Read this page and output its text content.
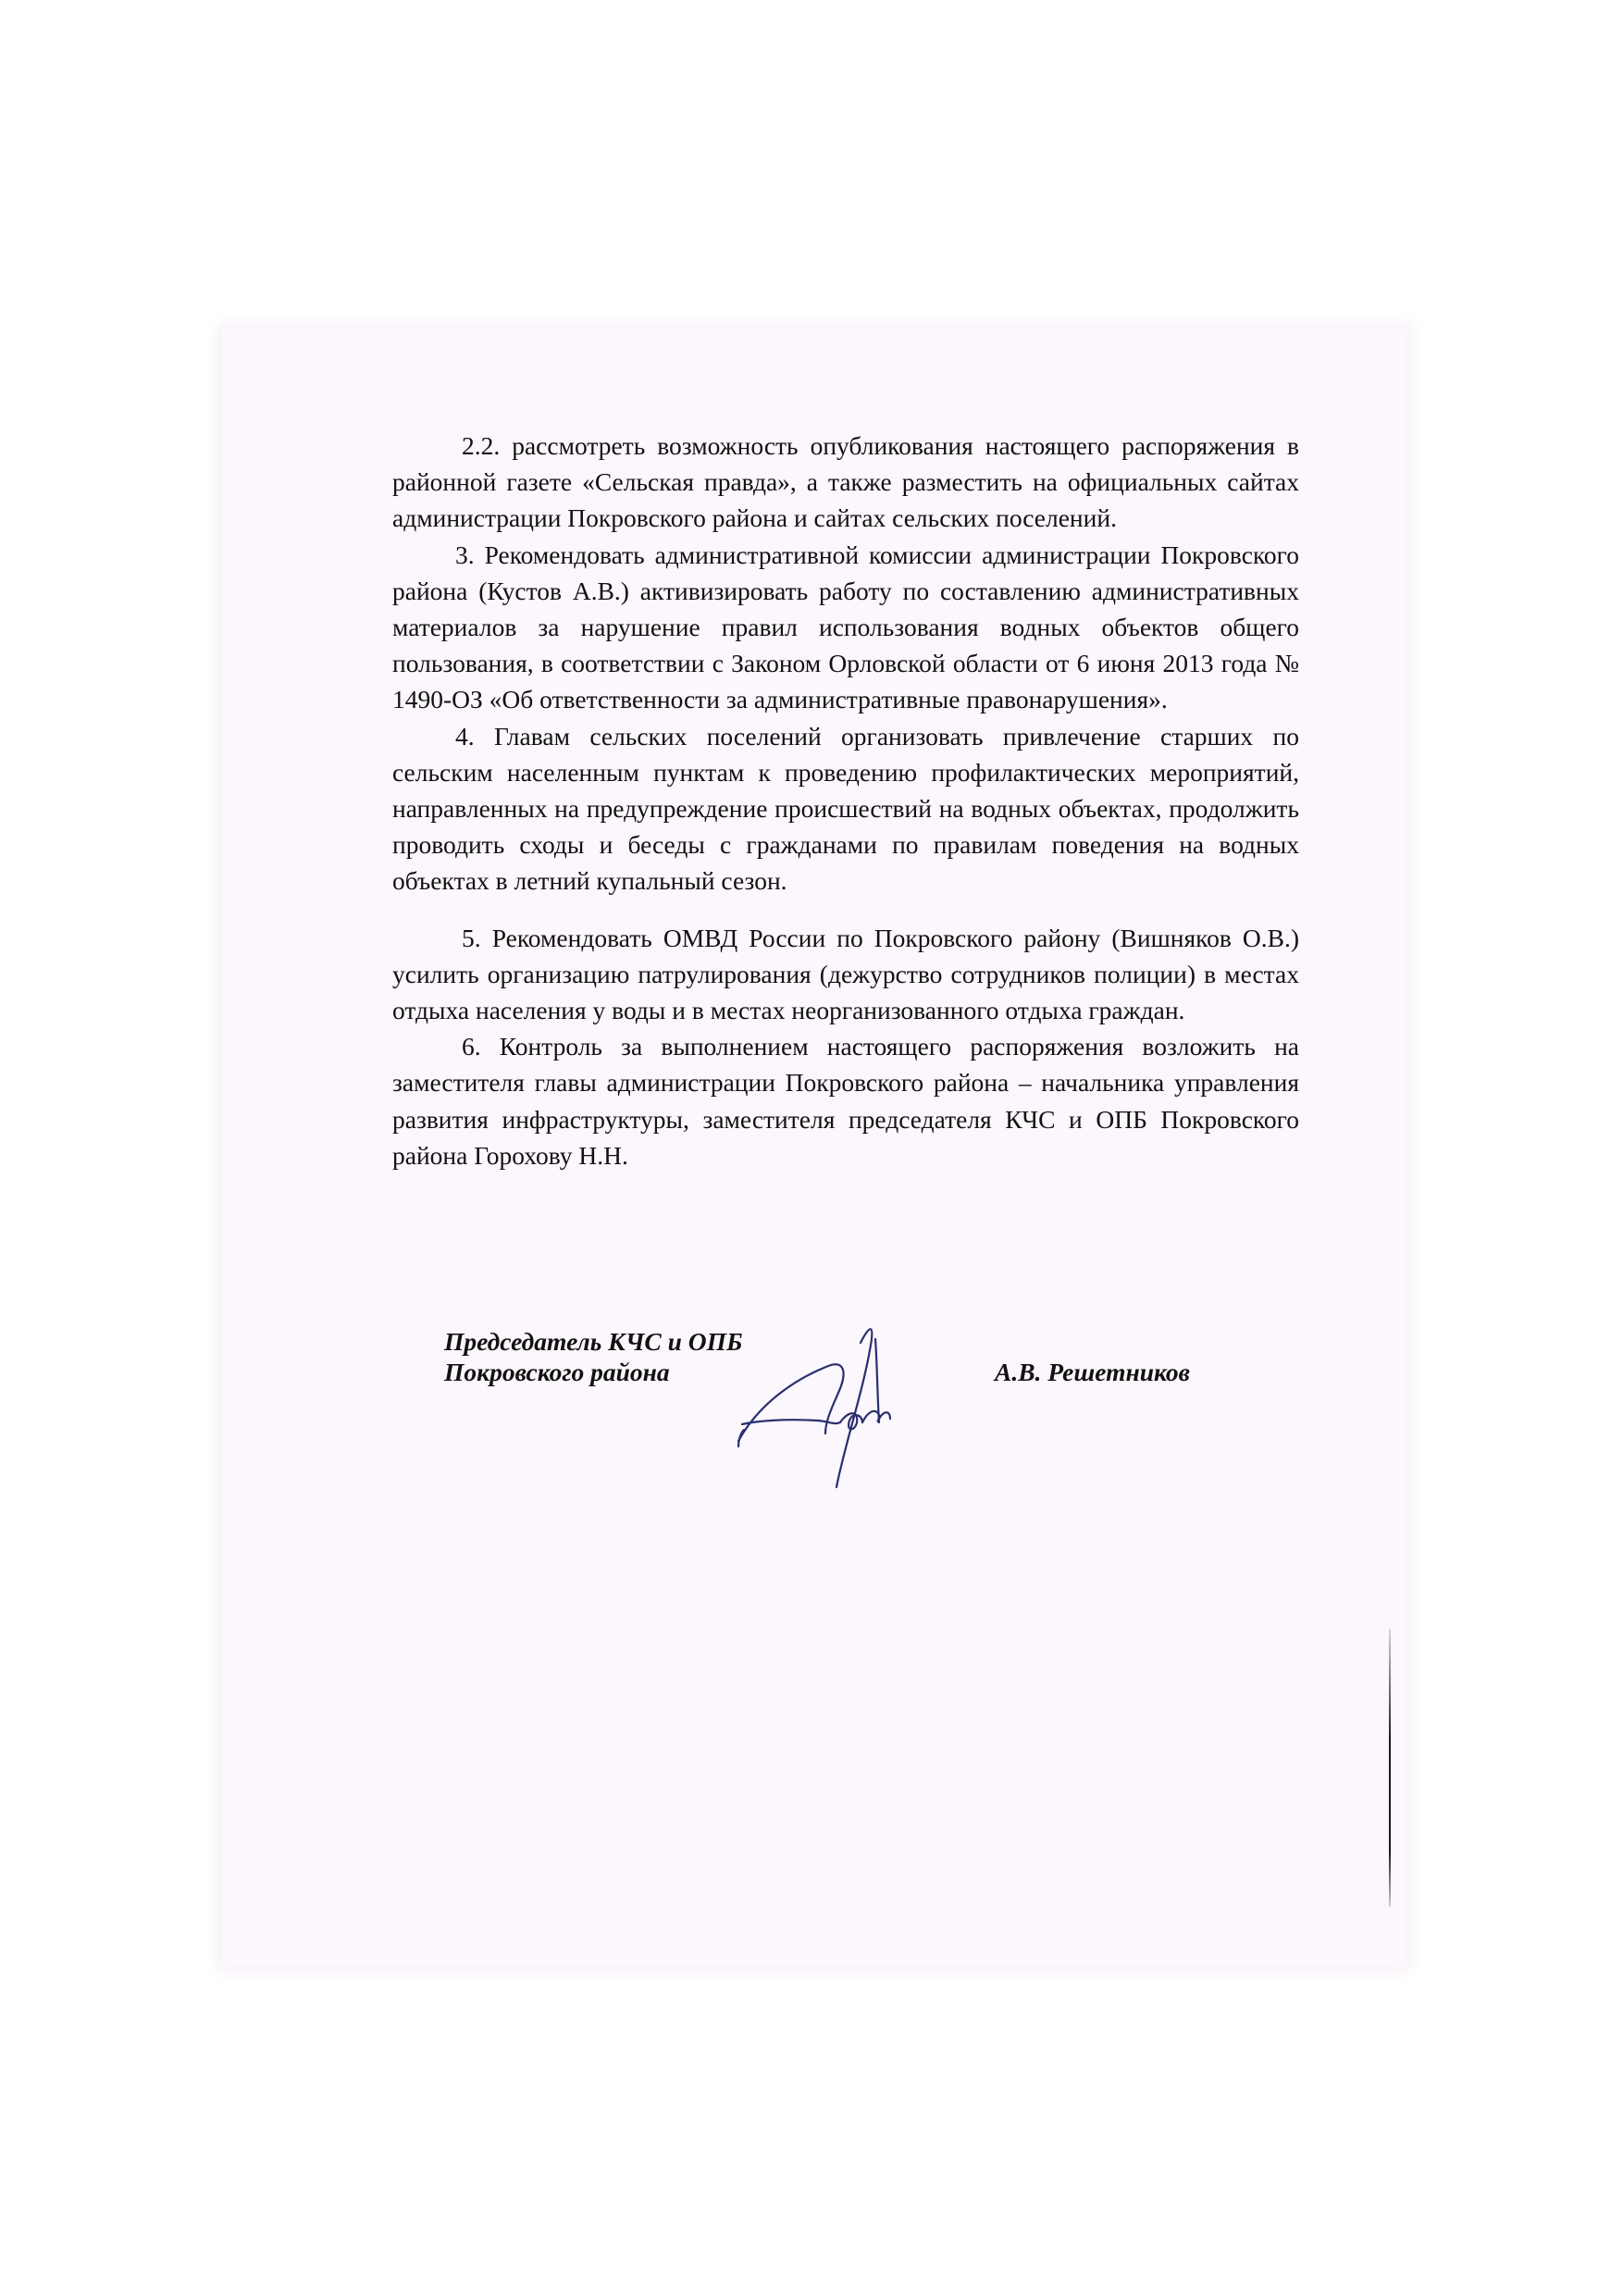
2.2. рассмотреть возможность опубликования настоящего распоряжения в районной газете «Сельская правда», а также разместить на официальных сайтах администрации Покровского района и сайтах сельских поселений.

3. Рекомендовать административной комиссии администрации Покровского района (Кустов А.В.) активизировать работу по составлению административных материалов за нарушение правил использования водных объектов общего пользования, в соответствии с Законом Орловской области от 6 июня 2013 года № 1490-ОЗ «Об ответственности за административные правонарушения».

4. Главам сельских поселений организовать привлечение старших по сельским населенным пунктам к проведению профилактических мероприятий, направленных на предупреждение происшествий на водных объектах, продолжить проводить сходы и беседы с гражданами по правилам поведения на водных объектах в летний купальный сезон.

5. Рекомендовать ОМВД России по Покровского району (Вишняков О.В.) усилить организацию патрулирования (дежурство сотрудников полиции) в местах отдыха населения у воды и в местах неорганизованного отдыха граждан.

6. Контроль за выполнением настоящего распоряжения возложить на заместителя главы администрации Покровского района – начальника управления развития инфраструктуры, заместителя председателя КЧС и ОПБ Покровского района Горохову Н.Н.

Председатель КЧС и ОПБ
Покровского района	А.В. Решетников
